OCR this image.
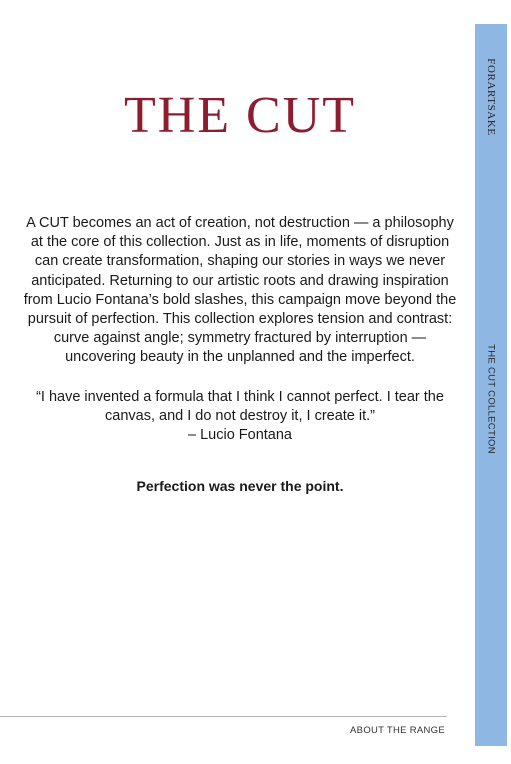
THE CUT

A CUT becomes an act of creation, not destruction — a philosophy at the core of this collection. Just as in life, moments of disruption can create transformation, shaping our stories in ways we never anticipated. Returning to our artistic roots and drawing inspiration from Lucio Fontana’s bold slashes, this campaign move beyond the pursuit of perfection. This collection explores tension and contrast: curve against angle; symmetry fractured by interruption — uncovering beauty in the unplanned and the imperfect.

“I have invented a formula that I think I cannot perfect. I tear the canvas, and I do not destroy it, I create it.”
– Lucio Fontana

Perfection was never the point.

ABOUT THE RANGE
FORARTSAKE
THE CUT COLLECTION
